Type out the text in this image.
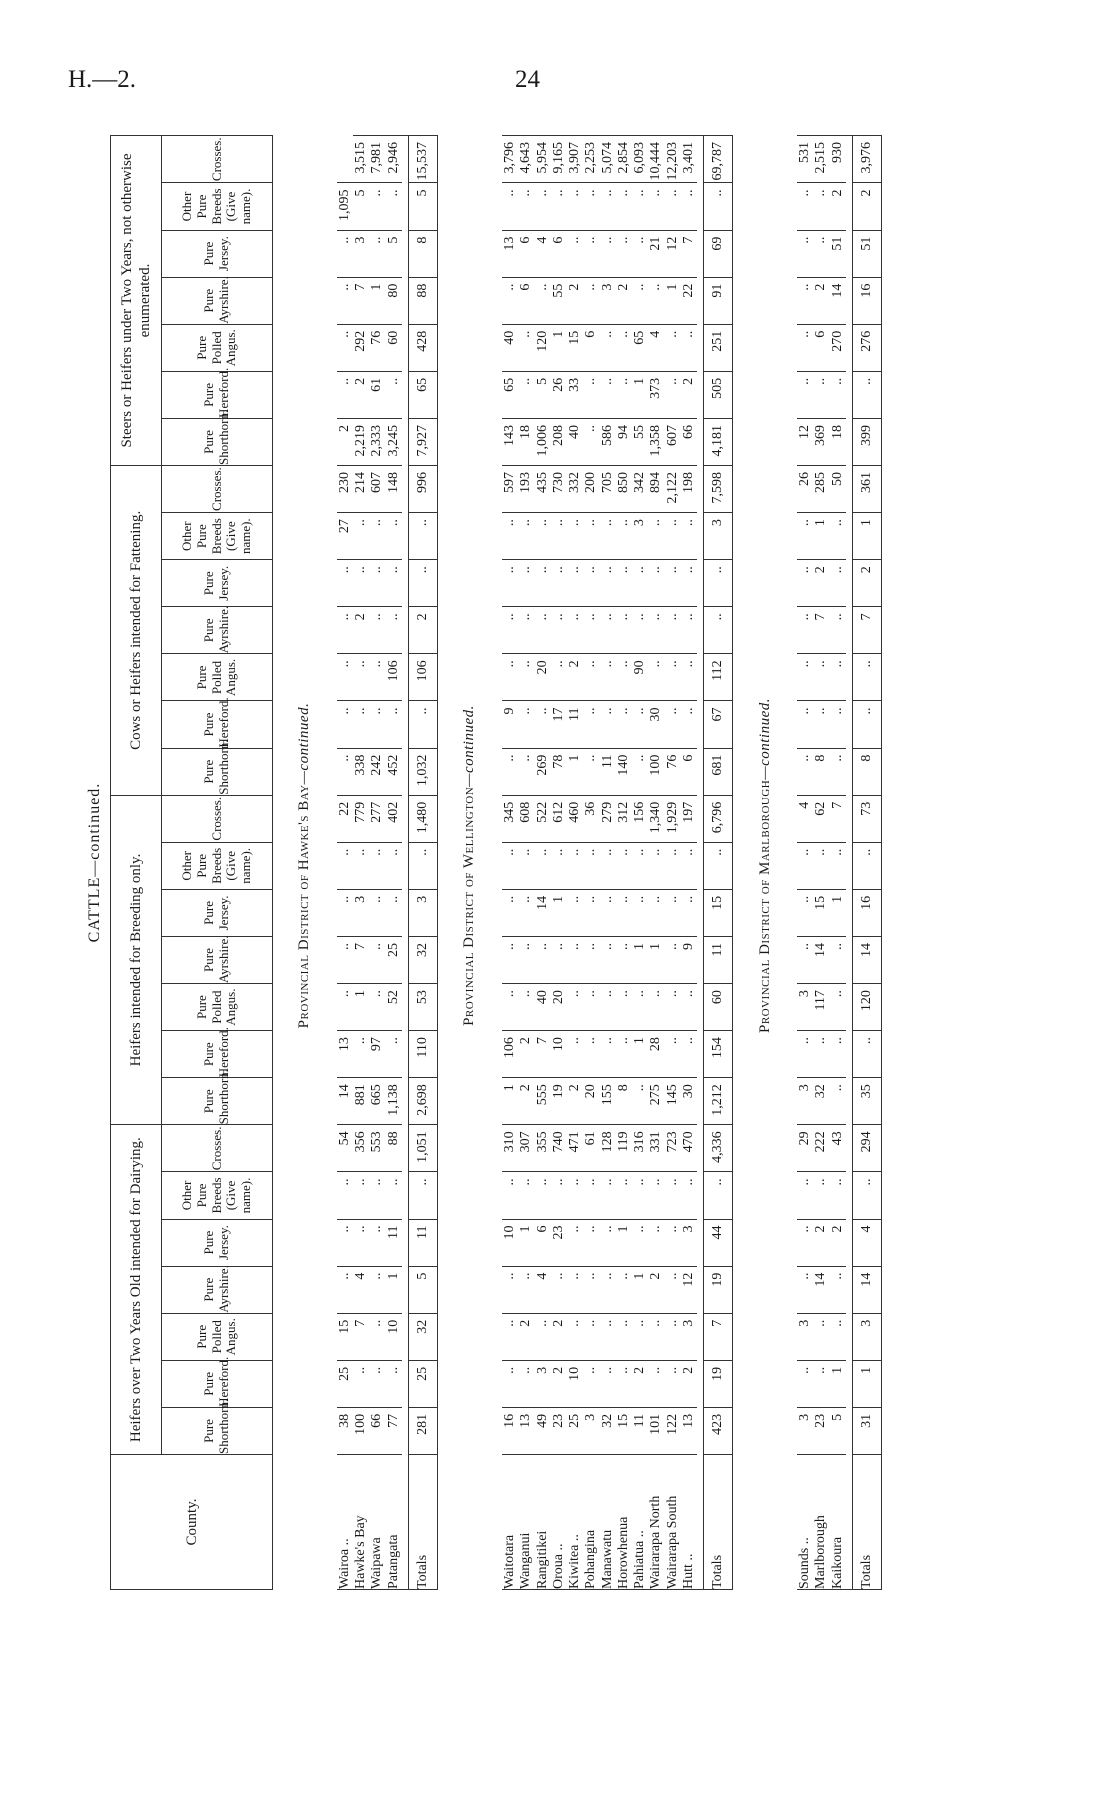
H.—2.	24
CATTLE—continued.																												
County.	Heifers over Two Years Old intended for Dairying.							Heifers intended for Breeding only.							Cows or Heifers intended for Fattening.							Steers or Heifers under Two Years, not otherwise enumerated.						
	Pure Shorthorn.	Pure Hereford.	Pure Polled Angus.	Pure Ayrshire.	Pure Jersey.	Other Pure Breeds (Give name).	Crosses.	Pure Shorthorn.	Pure Hereford.	Pure Polled Angus.	Pure Ayrshire.	Pure Jersey.	Other Pure Breeds (Give name).	Crosses.	Pure Shorthorn.	Pure Hereford.	Pure Polled Angus.	Pure Ayrshire.	Pure Jersey.	Other Pure Breeds (Give name).	Crosses.	Pure Shorthorn.	Pure Hereford.	Pure Polled Angus.	Pure Ayrshire.	Pure Jersey.	Other Pure Breeds (Give name).	Crosses.
Provincial District of Hawke's Bay—continued.																												
Wairoa ..	38	25	15	..	..	..	54	14	13	..	..	..	..	22	..	..	..	..	..	27	230	2	..	..	..	..	1,095	
Hawke's Bay	100	..	7	4	..	..	356	881	..	1	7	3	..	779	338	..	..	2	..	..	214	2,219	2	292	7	3	5	3,515
Waipawa	66	..	..	..	..	..	553	665	97	..	..	..	..	277	242	..	..	..	..	..	607	2,333	61	76	1	..	..	7,981
Patangata	77	..	10	1	11	..	88	1,138	..	52	25	..	..	402	452	..	106	..	..	..	148	3,245	..	60	80	5	..	2,946

Totals	281	25	32	5	11	..	1,051	2,698	110	53	32	3	..	1,480	1,032	..	106	2	..	..	996	7,927	65	428	88	8	5	15,537
Provincial District of Wellington—continued.																												
Waitotara	16	..	..	..	10	..	310	1	106	..	..	..	..	345	..	9	..	..	..	..	597	143	65	40	..	13	..	3,796
Wanganui	13	..	2	..	1	..	307	2	2	..	..	..	..	608	..	..	..	..	..	..	193	18	..	..	6	6	..	4,643
Rangitikei	49	3	..	4	6	..	355	555	7	40	..	14	..	522	269	..	20	..	..	..	435	1,006	5	120	..	4	..	5,954
Oroua ..	23	2	2	..	23	..	740	19	10	20	..	1	..	612	78	17	..	..	..	..	730	208	26	1	55	6	..	9,165
Kiwitea ..	25	10	..	..	..	..	471	2	..	..	..	..	..	460	1	11	2	..	..	..	332	40	33	15	2	..	..	3,907
Pohangina	3	..	..	..	..	..	61	20	..	..	..	..	..	36	..	..	..	..	..	..	200	..	..	6	..	..	..	2,253
Manawatu	32	..	..	..	..	..	128	155	..	..	..	..	..	279	11	..	..	..	..	..	705	586	..	..	3	..	..	5,074
Horowhenua	15	..	..	..	1	..	119	8	..	..	..	..	..	312	140	..	..	..	..	..	850	94	..	..	2	..	..	2,854
Pahiatua ..	11	2	..	1	..	..	316	..	1	..	1	..	..	156	..	..	90	..	..	3	342	55	1	65	..	..	..	6,093
Wairarapa North	101	..	..	2	..	..	331	275	28	..	1	..	..	1,340	100	30	..	..	..	..	894	1,358	373	4	..	21	..	10,444
Wairarapa South	122	..	..	..	..	..	723	145	..	..	..	..	..	1,929	76	..	..	..	..	..	2,122	607	..	..	1	12	..	12,203
Hutt ..	13	2	3	12	3	..	470	30	..	..	9	..	..	197	6	..	..	..	..	..	198	66	2	..	22	7	..	3,401

Totals	423	19	7	19	44	..	4,336	1,212	154	60	11	15	..	6,796	681	67	112	..	..	3	7,598	4,181	505	251	91	69	..	69,787
Provincial District of Marlborough—continued.																												
Sounds ..	3	..	3	..	..	..	29	3	..	3	..	..	..	4	..	..	..	..	..	..	26	12	..	..	..	..	..	531
Marlborough	23	..	..	14	2	..	222	32	..	117	14	15	..	62	8	..	..	7	2	1	285	369	..	6	2	..	..	2,515
Kaikoura	5	1	..	..	2	..	43	..	..	..	..	1	..	7	..	..	..	..	..	..	50	18	..	270	14	51	2	930

Totals	31	1	3	14	4	..	294	35	..	120	14	16	..	73	8	..	..	7	2	1	361	399	..	276	16	51	2	3,976
